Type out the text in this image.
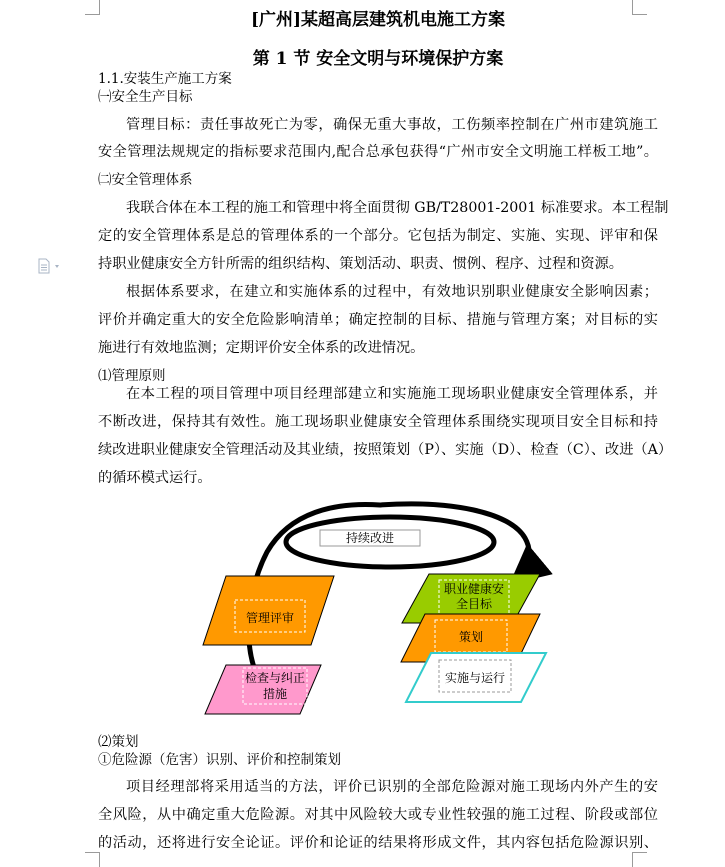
[广州]某超高层建筑机电施工方案
第 1 节 安全文明与环境保护方案
1.1.安装生产施工方案
㈠安全生产目标
管理目标：责任事故死亡为零，确保无重大事故，工伤频率控制在广州市建筑施工
安全管理法规规定的指标要求范围内,配合总承包获得“广州市安全文明施工样板工地”。
㈡安全管理体系
我联合体在本工程的施工和管理中将全面贯彻 GB/T28001-2001 标准要求。本工程制
定的安全管理体系是总的管理体系的一个部分。它包括为制定、实施、实现、评审和保
持职业健康安全方针所需的组织结构、策划活动、职责、惯例、程序、过程和资源。
根据体系要求，在建立和实施体系的过程中，有效地识别职业健康安全影响因素；
评价并确定重大的安全危险影响清单；确定控制的目标、措施与管理方案；对目标的实
施进行有效地监测；定期评价安全体系的改进情况。
⑴管理原则
在本工程的项目管理中项目经理部建立和实施施工现场职业健康安全管理体系，并
不断改进，保持其有效性。施工现场职业健康安全管理体系围绕实现项目安全目标和持
续改进职业健康安全管理活动及其业绩，按照策划（P）、实施（D）、检查（C）、改进（A）
的循环模式运行。
持续改进
管理评审
检查与纠正
措施
职业健康安
全目标
策划
实施与运行
⑵策划
①危险源（危害）识别、评价和控制策划
项目经理部将采用适当的方法，评价已识别的全部危险源对施工现场内外产生的安
全风险，从中确定重大危险源。对其中风险较大或专业性较强的施工过程、阶段或部位
的活动，还将进行安全论证。评价和论证的结果将形成文件，其内容包括危险源识别、
